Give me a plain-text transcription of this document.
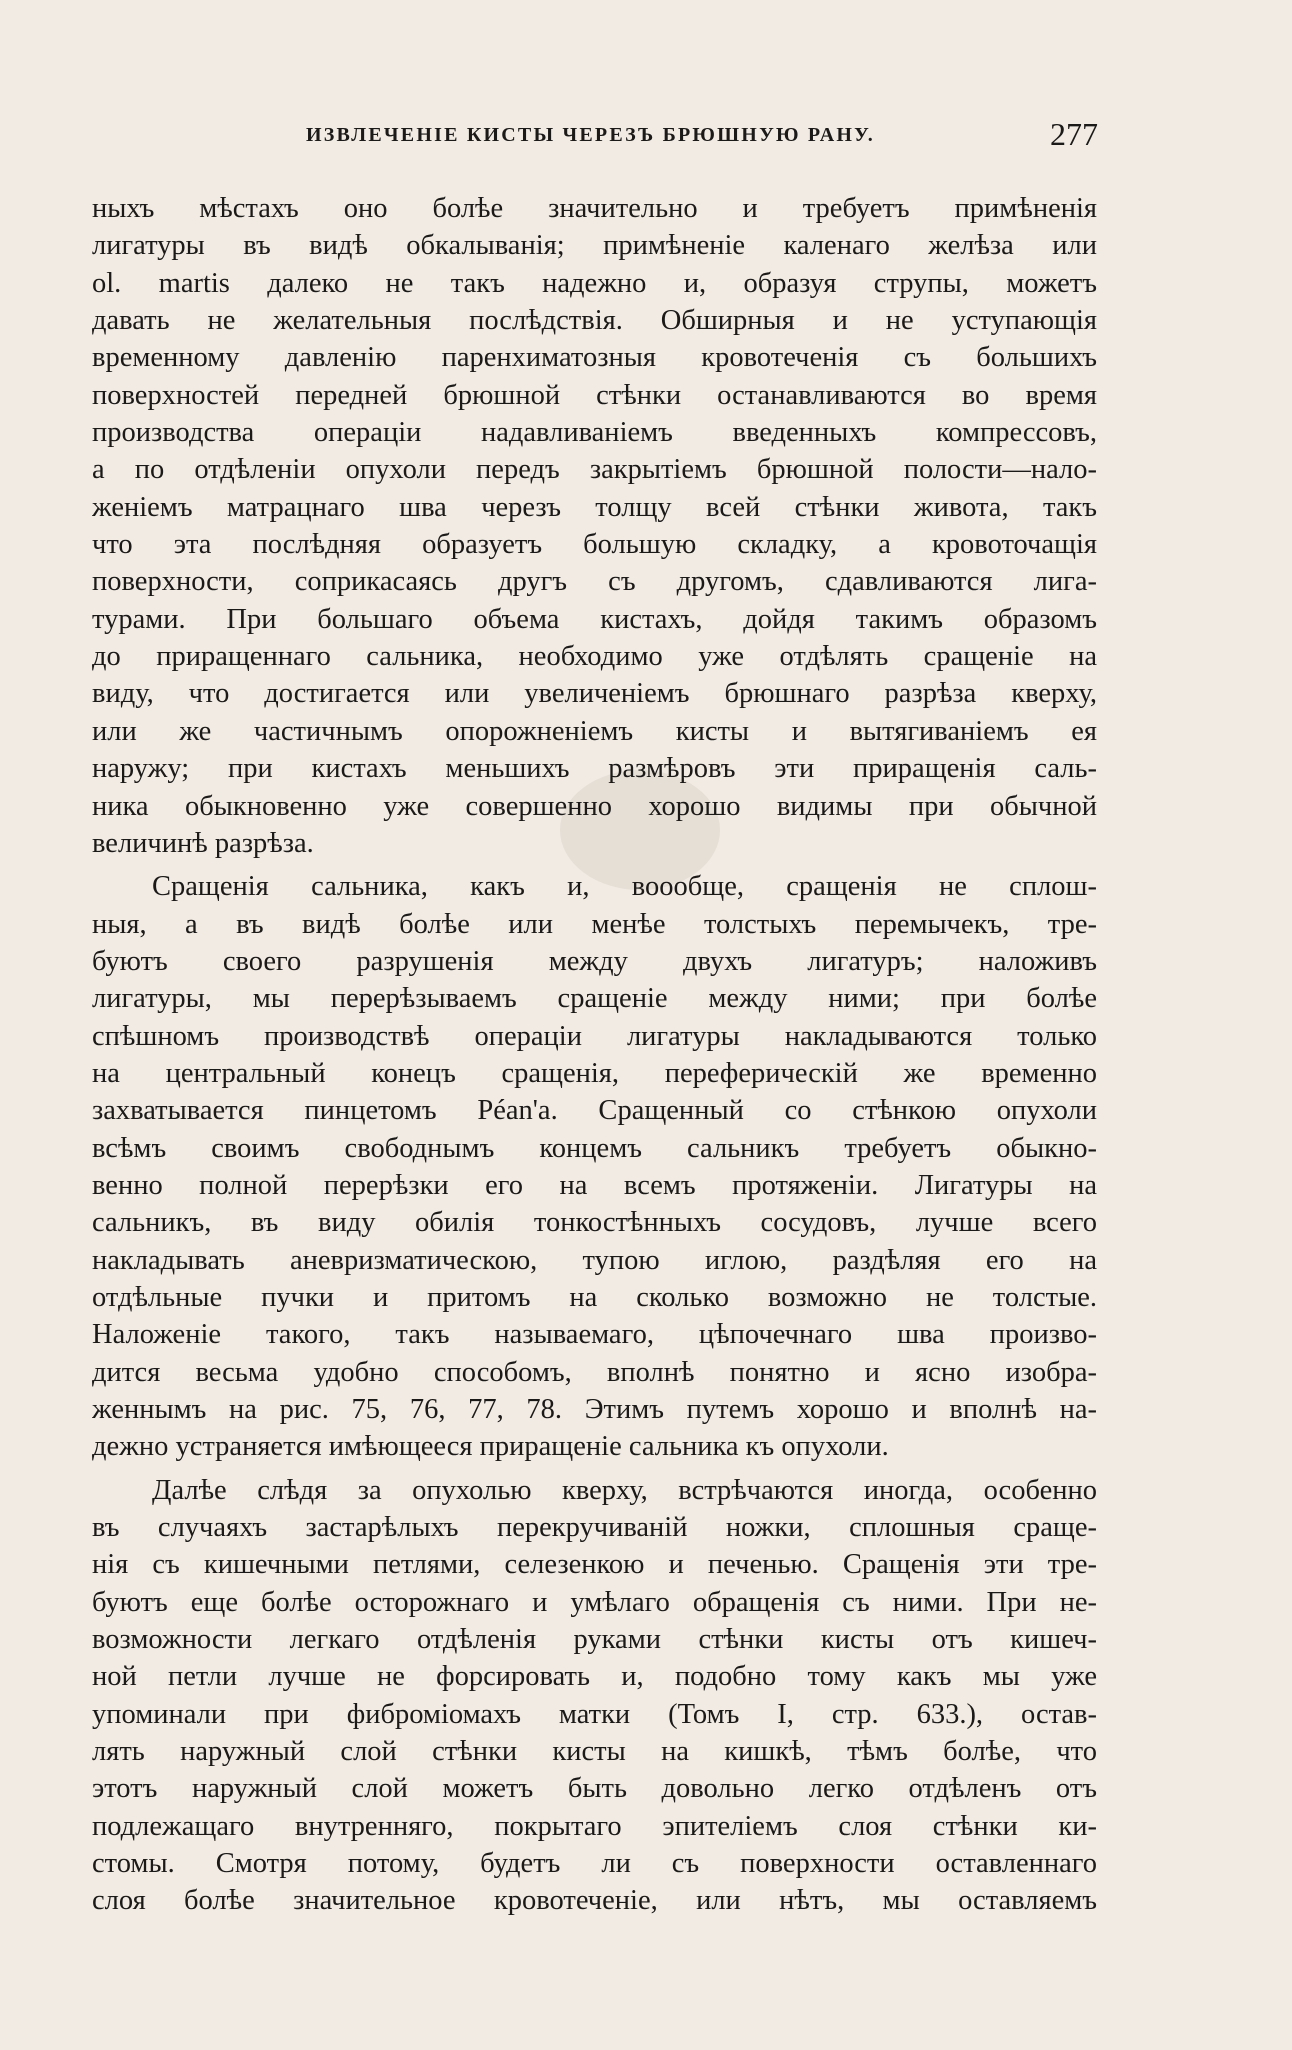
ИЗВЛЕЧЕНІЕ КИСТЫ ЧЕРЕЗЪ БРЮШНУЮ РАНУ.	277
ныхъ мѣстахъ оно болѣе значительно и требуетъ примѣненія
лигатуры въ видѣ обкалыванія; примѣненіе каленаго желѣза или
ol. martis далеко не такъ надежно и, образуя струпы, можетъ
давать не желательныя послѣдствія. Обширныя и не уступающія
временному давленію паренхиматозныя кровотеченія съ большихъ
поверхностей передней брюшной стѣнки останавливаются во время
производства операціи надавливаніемъ введенныхъ компрессовъ,
а по отдѣленіи опухоли передъ закрытіемъ брюшной полости—нало-
женіемъ матрацнаго шва черезъ толщу всей стѣнки живота, такъ
что эта послѣдняя образуетъ большую складку, а кровоточащія
поверхности, соприкасаясь другъ съ другомъ, сдавливаются лига-
турами. При большаго объема кистахъ, дойдя такимъ образомъ
до приращеннаго сальника, необходимо уже отдѣлять сращеніе на
виду, что достигается или увеличеніемъ брюшнаго разрѣза кверху,
или же частичнымъ опорожненіемъ кисты и вытягиваніемъ ея
наружу; при кистахъ меньшихъ размѣровъ эти приращенія саль-
ника обыкновенно уже совершенно хорошо видимы при обычной
величинѣ разрѣза.
Сращенія сальника, какъ и, воообще, сращенія не сплош-
ныя, а въ видѣ болѣе или менѣе толстыхъ перемычекъ, тре-
буютъ своего разрушенія между двухъ лигатуръ; наложивъ
лигатуры, мы перерѣзываемъ сращеніе между ними; при болѣе
спѣшномъ производствѣ операціи лигатуры накладываются только
на центральный конецъ сращенія, переферическій же временно
захватывается пинцетомъ Péan'а. Сращенный со стѣнкою опухоли
всѣмъ своимъ свободнымъ концемъ сальникъ требуетъ обыкно-
венно полной перерѣзки его на всемъ протяженіи. Лигатуры на
сальникъ, въ виду обилія тонкостѣнныхъ сосудовъ, лучше всего
накладывать аневризматическою, тупою иглою, раздѣляя его на
отдѣльные пучки и притомъ на сколько возможно не толстые.
Наложеніе такого, такъ называемаго, цѣпочечнаго шва произво-
дится весьма удобно способомъ, вполнѣ понятно и ясно изобра-
женнымъ на рис. 75, 76, 77, 78. Этимъ путемъ хорошо и вполнѣ на-
дежно устраняется имѣющееся приращеніе сальника къ опухоли.
Далѣе слѣдя за опухолью кверху, встрѣчаются иногда, особенно
въ случаяхъ застарѣлыхъ перекручиваній ножки, сплошныя сраще-
нія съ кишечными петлями, селезенкою и печенью. Сращенія эти тре-
буютъ еще болѣе осторожнаго и умѣлаго обращенія съ ними. При не-
возможности легкаго отдѣленія руками стѣнки кисты отъ кишеч-
ной петли лучше не форсировать и, подобно тому какъ мы уже
упоминали при фиброміомахъ матки (Томъ I, стр. 633.), остав-
лять наружный слой стѣнки кисты на кишкѣ, тѣмъ болѣе, что
этотъ наружный слой можетъ быть довольно легко отдѣленъ отъ
подлежащаго внутренняго, покрытаго эпителіемъ слоя стѣнки ки-
стомы. Смотря потому, будетъ ли съ поверхности оставленнаго
слоя болѣе значительное кровотеченіе, или нѣтъ, мы оставляемъ
